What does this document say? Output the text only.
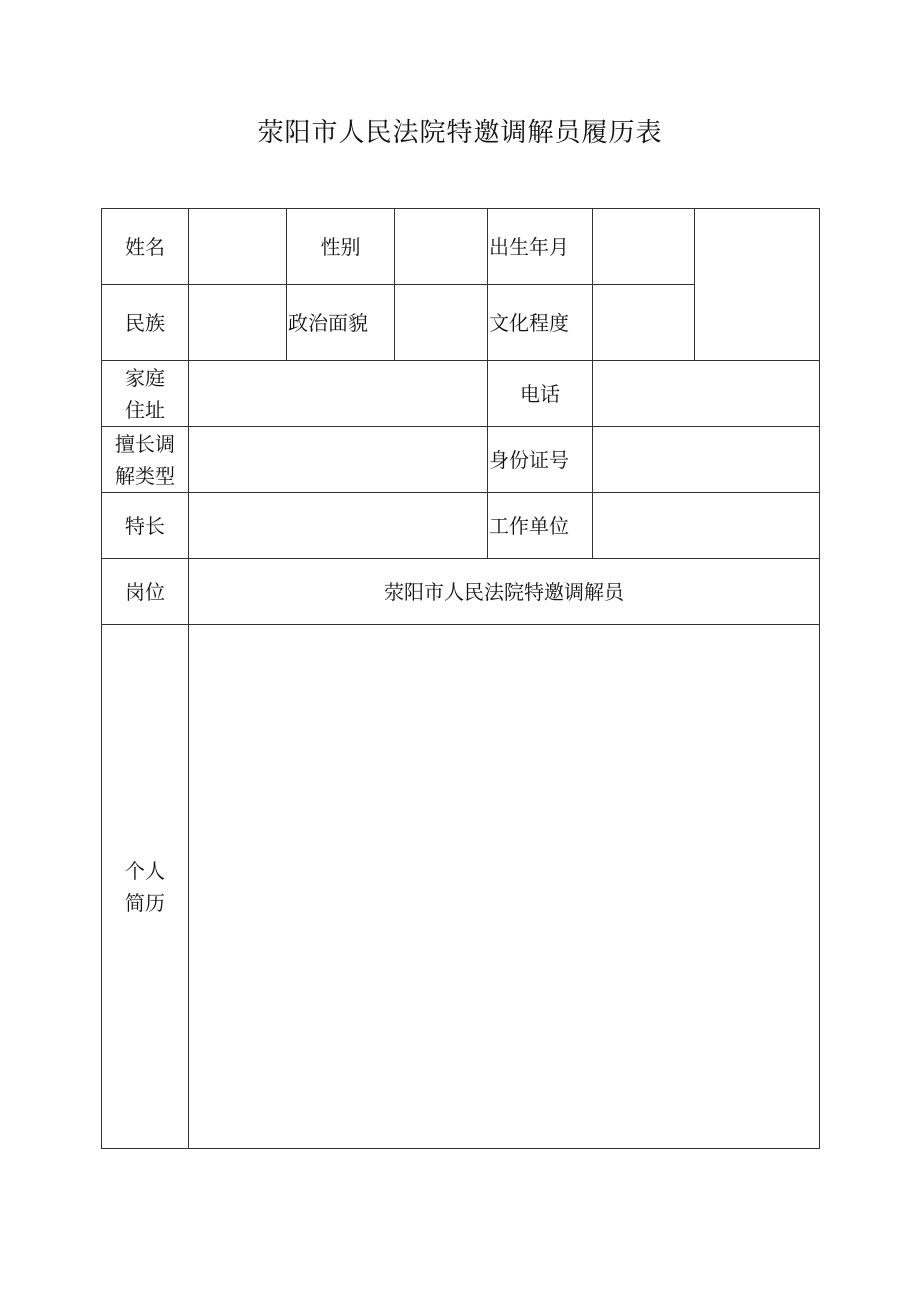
荥阳市人民法院特邀调解员履历表
姓名		性别		出生年月		
民族		政治面貌		文化程度		

家庭
住址				电话		

擅长调
解类型				身份证号		
特长				工作单位		
岗位	荥阳市人民法院特邀调解员					

个人
简历						
